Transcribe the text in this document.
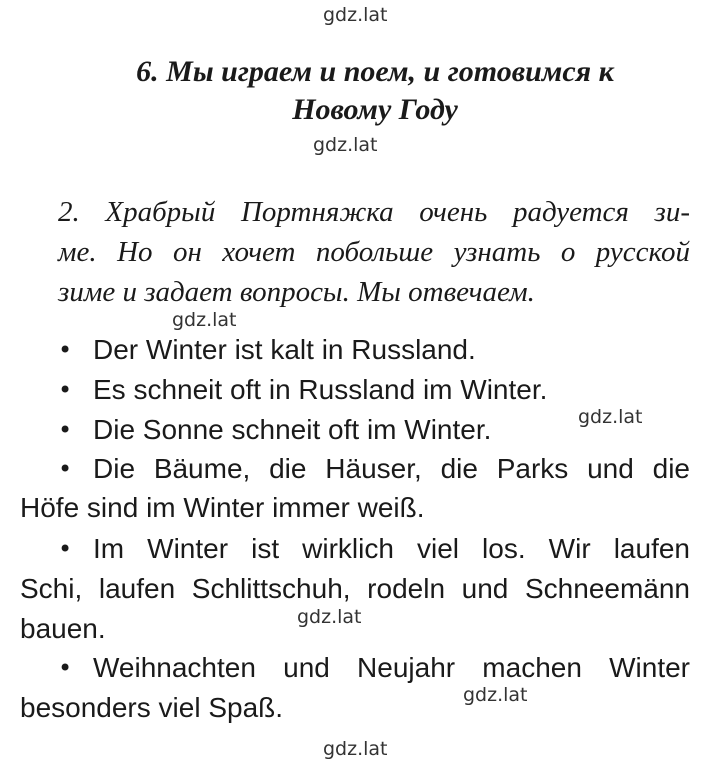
gdz.lat
gdz.lat
gdz.lat
gdz.lat
gdz.lat
gdz.lat
gdz.lat
6. Мы играем и поем, и готовимся к
Новому Году
2. Храбрый Портняжка очень радуется зи-
ме. Но он хочет побольше узнать о русской
зиме и задает вопросы. Мы отвечаем.
• Der Winter ist kalt in Russland.
• Es schneit oft in Russland im Winter.
• Die Sonne schneit oft im Winter.
• Die Bäume, die Häuser, die Parks und die
Höfe sind im Winter immer weiß.
• Im Winter ist wirklich viel los. Wir laufen
Schi, laufen Schlittschuh, rodeln und Schneemänn
bauen.
• Weihnachten und Neujahr machen Winter
besonders viel Spaß.
